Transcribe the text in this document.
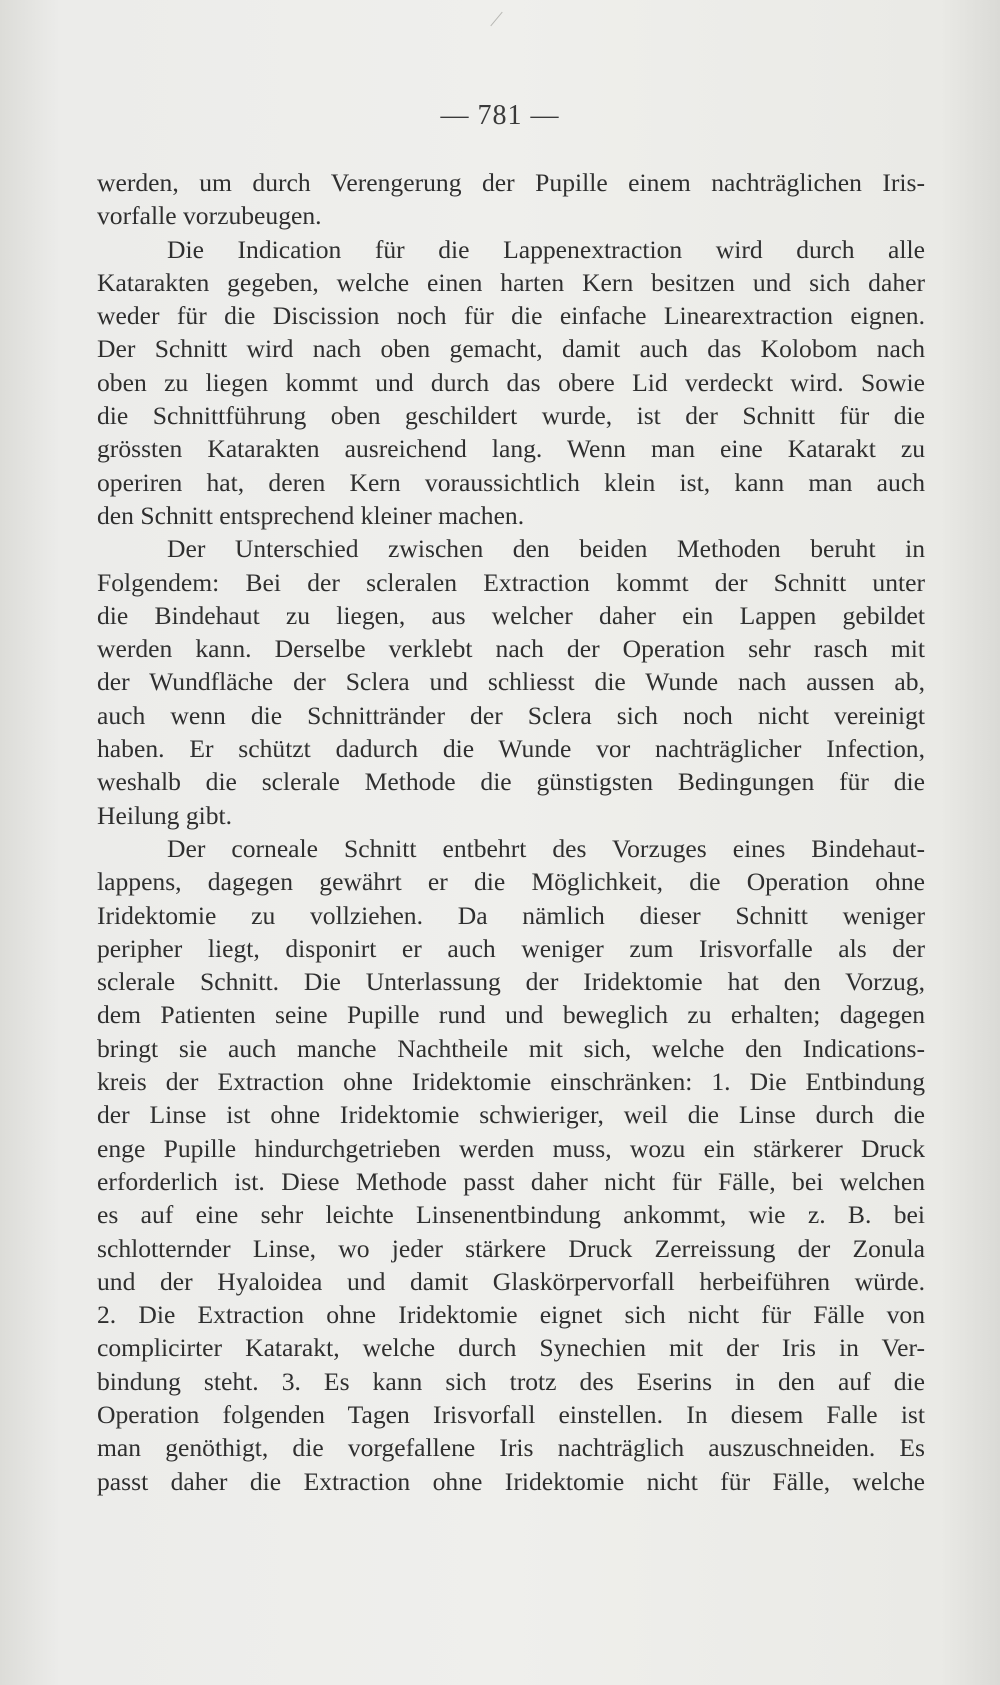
— 781 —
werden, um durch Verengerung der Pupille einem nachträglichen Iris-
vorfalle vorzubeugen.
Die Indication für die Lappenextraction wird durch alle
Katarakten gegeben, welche einen harten Kern besitzen und sich daher
weder für die Discission noch für die einfache Linearextraction eignen.
Der Schnitt wird nach oben gemacht, damit auch das Kolobom nach
oben zu liegen kommt und durch das obere Lid verdeckt wird. Sowie
die Schnittführung oben geschildert wurde, ist der Schnitt für die
grössten Katarakten ausreichend lang. Wenn man eine Katarakt zu
operiren hat, deren Kern voraussichtlich klein ist, kann man auch
den Schnitt entsprechend kleiner machen.
Der Unterschied zwischen den beiden Methoden beruht in
Folgendem: Bei der scleralen Extraction kommt der Schnitt unter
die Bindehaut zu liegen, aus welcher daher ein Lappen gebildet
werden kann. Derselbe verklebt nach der Operation sehr rasch mit
der Wundfläche der Sclera und schliesst die Wunde nach aussen ab,
auch wenn die Schnittränder der Sclera sich noch nicht vereinigt
haben. Er schützt dadurch die Wunde vor nachträglicher Infection,
weshalb die sclerale Methode die günstigsten Bedingungen für die
Heilung gibt.
Der corneale Schnitt entbehrt des Vorzuges eines Bindehaut-
lappens, dagegen gewährt er die Möglichkeit, die Operation ohne
Iridektomie zu vollziehen. Da nämlich dieser Schnitt weniger
peripher liegt, disponirt er auch weniger zum Irisvorfalle als der
sclerale Schnitt. Die Unterlassung der Iridektomie hat den Vorzug,
dem Patienten seine Pupille rund und beweglich zu erhalten; dagegen
bringt sie auch manche Nachtheile mit sich, welche den Indications-
kreis der Extraction ohne Iridektomie einschränken: 1. Die Entbindung
der Linse ist ohne Iridektomie schwieriger, weil die Linse durch die
enge Pupille hindurchgetrieben werden muss, wozu ein stärkerer Druck
erforderlich ist. Diese Methode passt daher nicht für Fälle, bei welchen
es auf eine sehr leichte Linsenentbindung ankommt, wie z. B. bei
schlotternder Linse, wo jeder stärkere Druck Zerreissung der Zonula
und der Hyaloidea und damit Glaskörpervorfall herbeiführen würde.
2. Die Extraction ohne Iridektomie eignet sich nicht für Fälle von
complicirter Katarakt, welche durch Synechien mit der Iris in Ver-
bindung steht. 3. Es kann sich trotz des Eserins in den auf die
Operation folgenden Tagen Irisvorfall einstellen. In diesem Falle ist
man genöthigt, die vorgefallene Iris nachträglich auszuschneiden. Es
passt daher die Extraction ohne Iridektomie nicht für Fälle, welche
